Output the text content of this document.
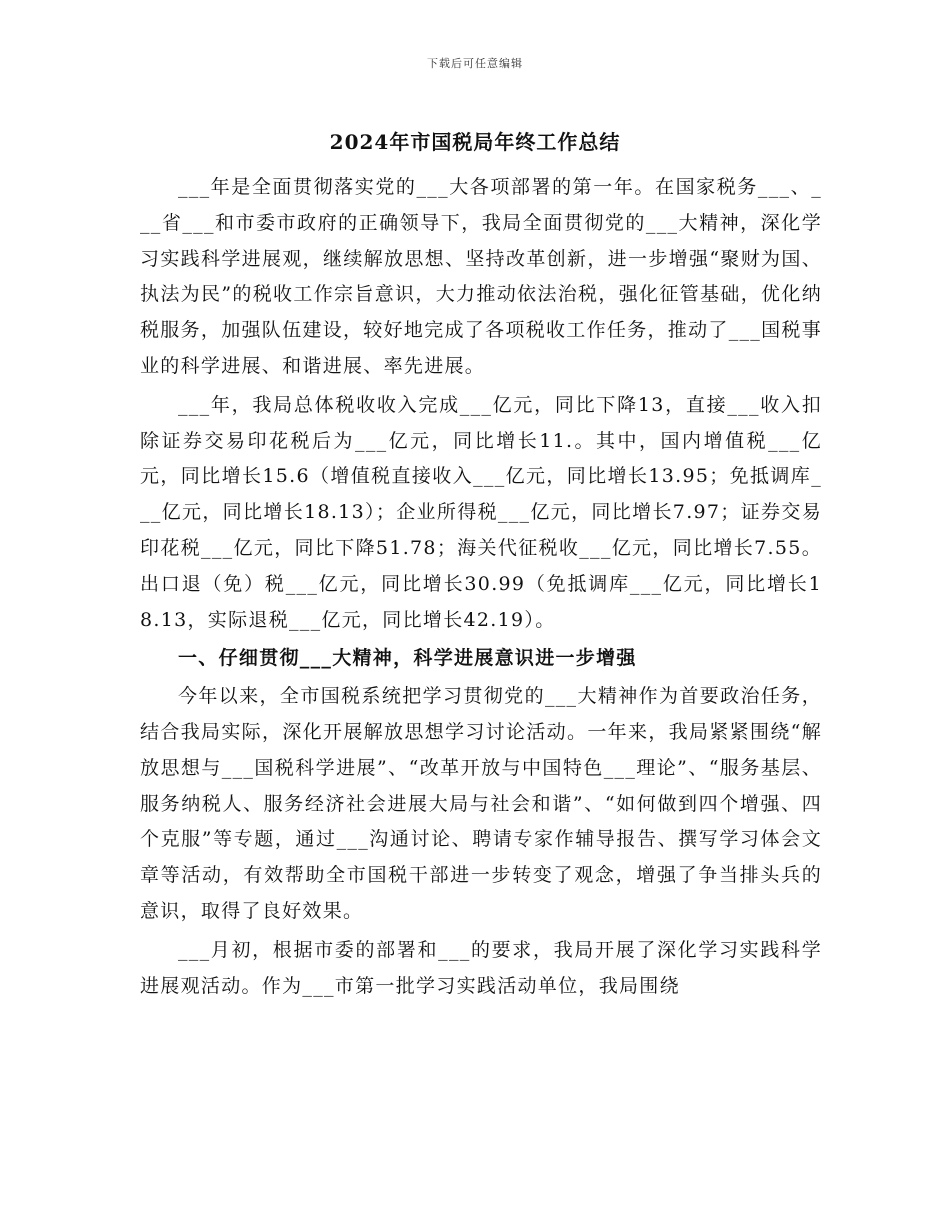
下载后可任意编辑
2024年市国税局年终工作总结

___年是全面贯彻落实党的___大各项部署的第一年。在国家税务___、___省___和市委市政府的正确领导下，我局全面贯彻党的___大精神，深化学习实践科学进展观，继续解放思想、坚持改革创新，进一步增强“聚财为国、执法为民”的税收工作宗旨意识，大力推动依法治税，强化征管基础，优化纳税服务，加强队伍建设，较好地完成了各项税收工作任务，推动了___国税事业的科学进展、和谐进展、率先进展。

___年，我局总体税收收入完成___亿元，同比下降13，直接___收入扣除证券交易印花税后为___亿元，同比增长11.。其中，国内增值税___亿元，同比增长15.6（增值税直接收入___亿元，同比增长13.95；免抵调库___亿元，同比增长18.13）；企业所得税___亿元，同比增长7.97；证券交易印花税___亿元，同比下降51.78；海关代征税收___亿元，同比增长7.55。出口退（免）税___亿元，同比增长30.99（免抵调库___亿元，同比增长18.13，实际退税___亿元，同比增长42.19）。

一、仔细贯彻___大精神，科学进展意识进一步增强

今年以来，全市国税系统把学习贯彻党的___大精神作为首要政治任务，结合我局实际，深化开展解放思想学习讨论活动。一年来，我局紧紧围绕“解放思想与___国税科学进展”、“改革开放与中国特色___理论”、“服务基层、服务纳税人、服务经济社会进展大局与社会和谐”、“如何做到四个增强、四个克服”等专题，通过___沟通讨论、聘请专家作辅导报告、撰写学习体会文章等活动，有效帮助全市国税干部进一步转变了观念，增强了争当排头兵的意识，取得了良好效果。

___月初，根据市委的部署和___的要求，我局开展了深化学习实践科学进展观活动。作为___市第一批学习实践活动单位，我局围绕
